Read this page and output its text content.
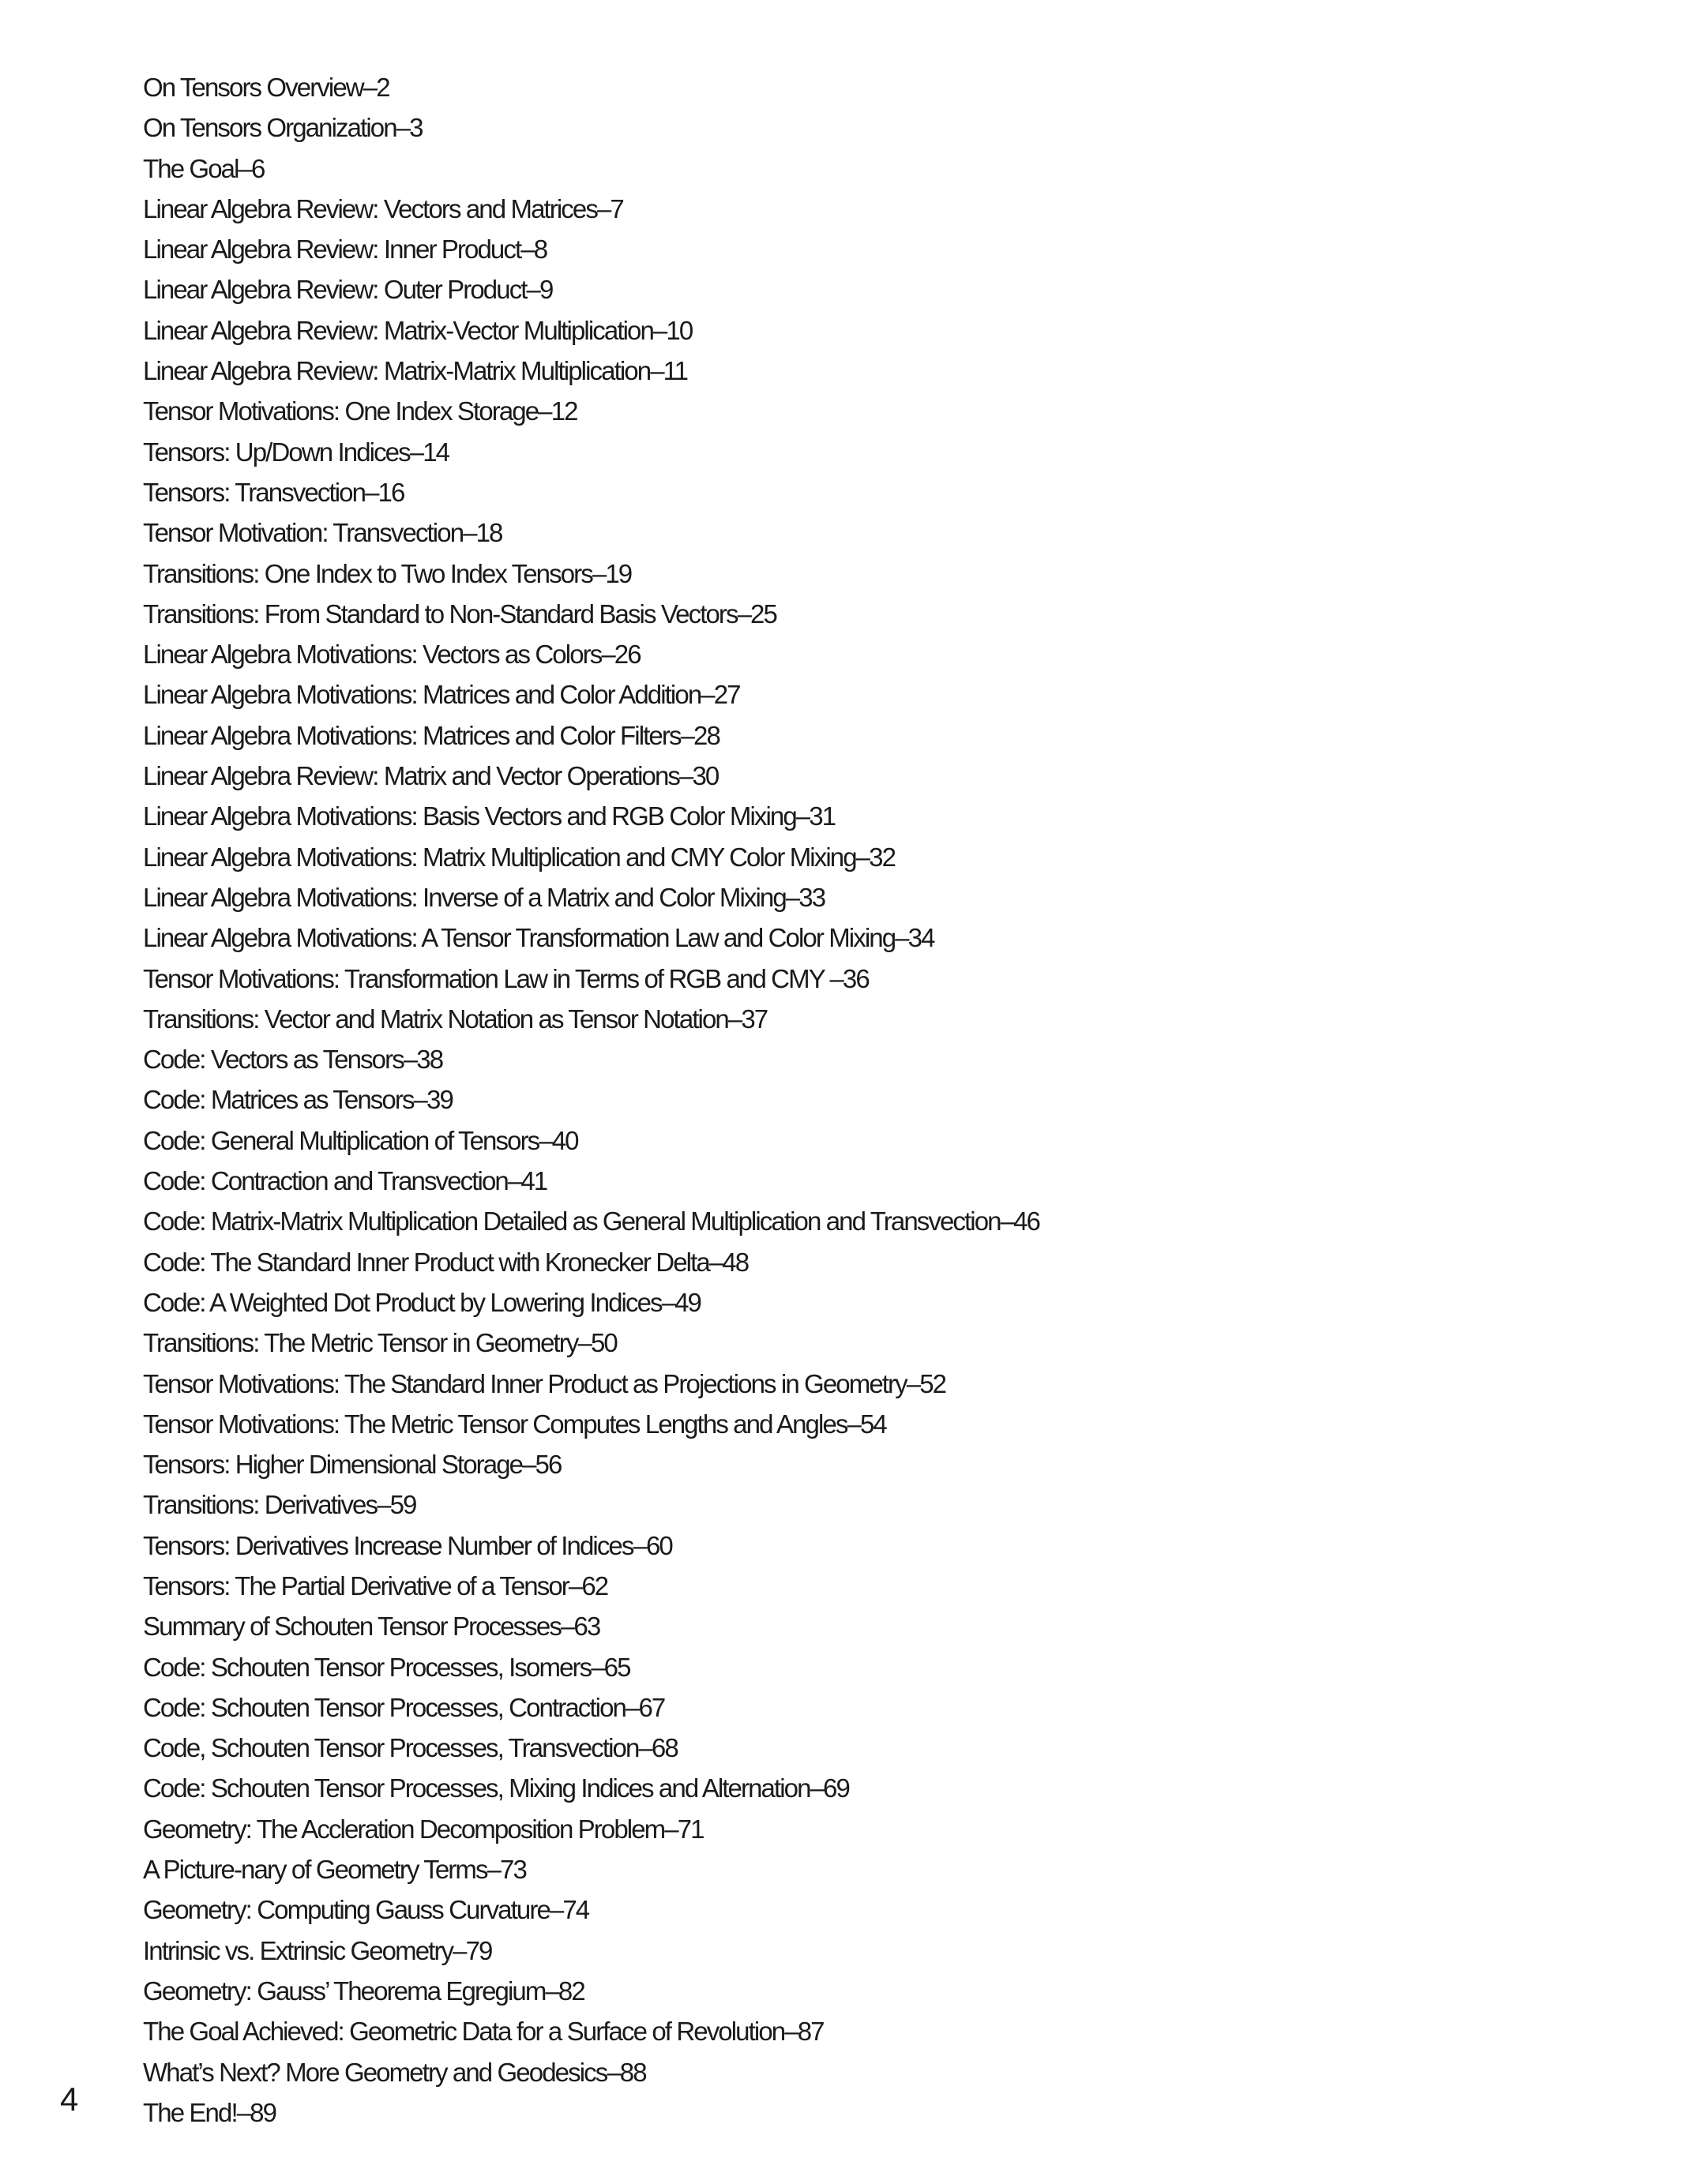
On Tensors Overview–2
On Tensors Organization–3
The Goal–6
Linear Algebra Review: Vectors and Matrices–7
Linear Algebra Review: Inner Product–8
Linear Algebra Review: Outer Product–9
Linear Algebra Review: Matrix-Vector Multiplication–10
Linear Algebra Review: Matrix-Matrix Multiplication–11
Tensor Motivations: One Index Storage–12
Tensors: Up/Down Indices–14
Tensors: Transvection–16
Tensor Motivation: Transvection–18
Transitions: One Index to Two Index Tensors–19
Transitions: From Standard to Non-Standard Basis Vectors–25
Linear Algebra Motivations: Vectors as Colors–26
Linear Algebra Motivations: Matrices and Color Addition–27
Linear Algebra Motivations: Matrices and Color Filters–28
Linear Algebra Review: Matrix and Vector Operations–30
Linear Algebra Motivations: Basis Vectors and RGB Color Mixing–31
Linear Algebra Motivations: Matrix Multiplication and CMY Color Mixing–32
Linear Algebra Motivations: Inverse of a Matrix and Color Mixing–33
Linear Algebra Motivations: A Tensor Transformation Law and Color Mixing–34
Tensor Motivations: Transformation Law in Terms of RGB and CMY –36
Transitions: Vector and Matrix Notation as Tensor Notation–37
Code: Vectors as Tensors–38
Code: Matrices as Tensors–39
Code: General Multiplication of Tensors–40
Code: Contraction and Transvection–41
Code: Matrix-Matrix Multiplication Detailed as General Multiplication and Transvection–46
Code: The Standard Inner Product with Kronecker Delta–48
Code: A Weighted Dot Product by Lowering Indices–49
Transitions: The Metric Tensor in Geometry–50
Tensor Motivations: The Standard Inner Product as Projections in Geometry–52
Tensor Motivations: The Metric Tensor Computes Lengths and Angles–54
Tensors: Higher Dimensional Storage–56
Transitions: Derivatives–59
Tensors: Derivatives Increase Number of Indices–60
Tensors: The Partial Derivative of a Tensor–62
Summary of Schouten Tensor Processes–63
Code: Schouten Tensor Processes, Isomers–65
Code: Schouten Tensor Processes, Contraction–67
Code, Schouten Tensor Processes, Transvection–68
Code: Schouten Tensor Processes, Mixing Indices and Alternation–69
Geometry: The Accleration Decomposition Problem–71
A Picture-nary of Geometry Terms–73
Geometry: Computing Gauss Curvature–74
Intrinsic vs. Extrinsic Geometry–79
Geometry: Gauss’ Theorema Egregium–82
The Goal Achieved: Geometric Data for a Surface of Revolution–87
What’s Next? More Geometry and Geodesics–88
The End!–89
4
